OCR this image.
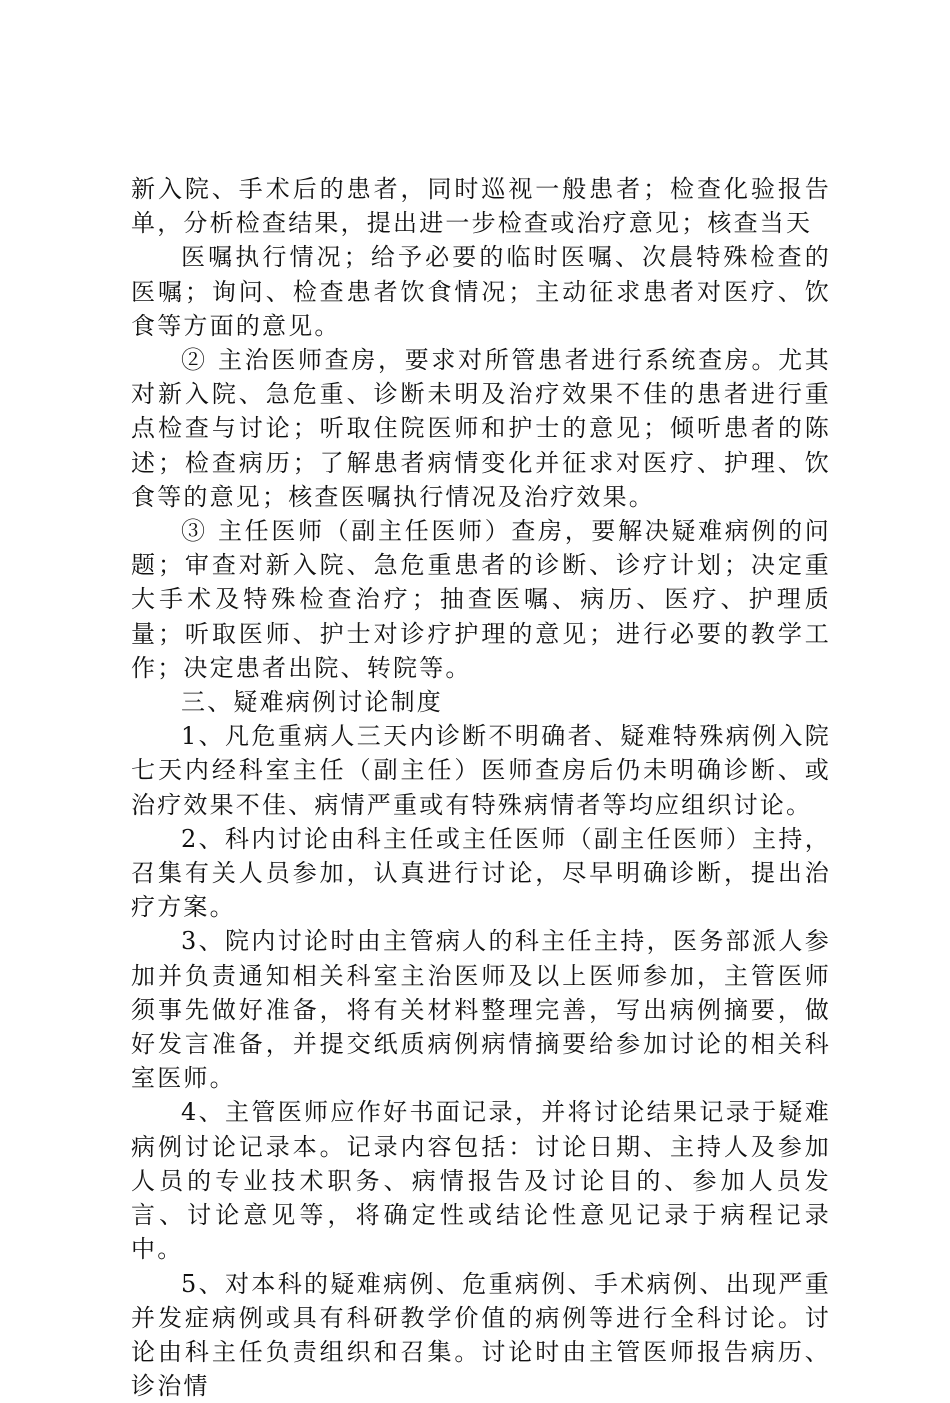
新入院、手术后的患者，同时巡视一般患者；检查化验报告单，分析检查结果，提出进一步检查或治疗意见；核查当天

医嘱执行情况；给予必要的临时医嘱、次晨特殊检查的医嘱；询问、检查患者饮食情况；主动征求患者对医疗、饮食等方面的意见。

② 主治医师查房，要求对所管患者进行系统查房。尤其对新入院、急危重、诊断未明及治疗效果不佳的患者进行重点检查与讨论；听取住院医师和护士的意见；倾听患者的陈述；检查病历；了解患者病情变化并征求对医疗、护理、饮食等的意见；核查医嘱执行情况及治疗效果。

③ 主任医师（副主任医师）查房，要解决疑难病例的问题；审查对新入院、急危重患者的诊断、诊疗计划；决定重大手术及特殊检查治疗；抽查医嘱、病历、医疗、护理质量；听取医师、护士对诊疗护理的意见；进行必要的教学工作；决定患者出院、转院等。

三、疑难病例讨论制度

1、凡危重病人三天内诊断不明确者、疑难特殊病例入院七天内经科室主任（副主任）医师查房后仍未明确诊断、或治疗效果不佳、病情严重或有特殊病情者等均应组织讨论。

2、科内讨论由科主任或主任医师（副主任医师）主持，召集有关人员参加，认真进行讨论，尽早明确诊断，提出治疗方案。

3、院内讨论时由主管病人的科主任主持，医务部派人参加并负责通知相关科室主治医师及以上医师参加，主管医师须事先做好准备，将有关材料整理完善，写出病例摘要，做好发言准备，并提交纸质病例病情摘要给参加讨论的相关科室医师。

4、主管医师应作好书面记录，并将讨论结果记录于疑难病例讨论记录本。记录内容包括：讨论日期、主持人及参加人员的专业技术职务、病情报告及讨论目的、参加人员发言、讨论意见等，将确定性或结论性意见记录于病程记录中。

5、对本科的疑难病例、危重病例、手术病例、出现严重并发症病例或具有科研教学价值的病例等进行全科讨论。讨论由科主任负责组织和召集。讨论时由主管医师报告病历、诊治情
